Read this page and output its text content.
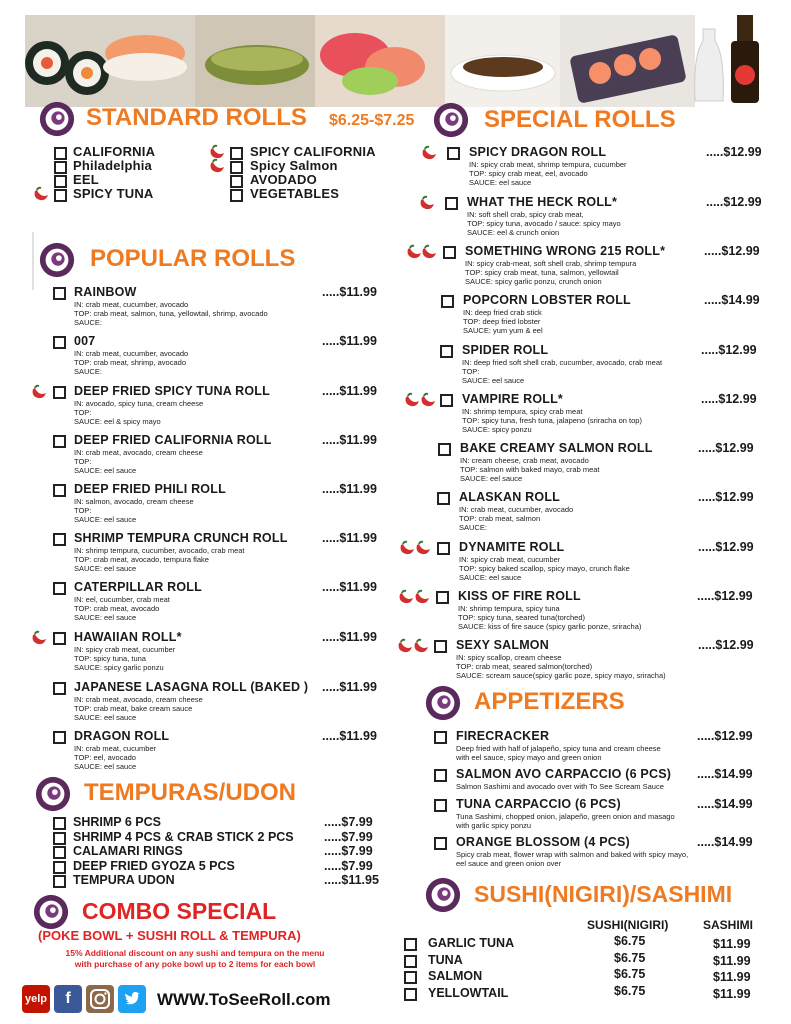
STANDARD ROLLS $6.25-$7.25
CALIFORNIA
Philadelphia
EEL
SPICY TUNA
SPICY CALIFORNIA
Spicy Salmon
AVODADO
VEGETABLES
POPULAR ROLLS
RAINBOW	.....$11.99
IN: crab meat, cucumber, avocado
TOP: crab meat, salmon, tuna, yellowtail, shrimp, avocado
SAUCE:
007	.....$11.99
IN: crab meat, cucumber, avocado
TOP: crab meat, shrimp, avocado
SAUCE:
DEEP FRIED SPICY TUNA ROLL	.....$11.99
IN: avocado, spicy tuna, cream cheese
TOP:
SAUCE: eel & spicy mayo
DEEP FRIED CALIFORNIA ROLL	.....$11.99
IN: crab meat, avocado, cream cheese
TOP:
SAUCE: eel sauce
DEEP FRIED PHILI ROLL	.....$11.99
IN: salmon, avocado, cream cheese
TOP:
SAUCE: eel sauce
SHRIMP TEMPURA CRUNCH ROLL	.....$11.99
IN: shrimp tempura, cucumber, avocado, crab meat
TOP: crab meat, avocado, tempura flake
SAUCE: eel sauce
CATERPILLAR ROLL	.....$11.99
IN: eel, cucumber, crab meat
TOP: crab meat, avocado
SAUCE: eel sauce
HAWAIIAN ROLL*	.....$11.99
IN: spicy crab meat, cucumber
TOP: spicy tuna, tuna
SAUCE: spicy garlic ponzu
JAPANESE LASAGNA ROLL (BAKED ) .....$11.99
IN: crab meat, avocado, cream cheese
TOP: crab meat, bake cream sauce
SAUCE: eel sauce
DRAGON ROLL	.....$11.99
IN: crab meat, cucumber
TOP: eel, avocado
SAUCE: eel sauce
TEMPURAS/UDON
SHRIMP 6 PCS	.....$7.99
SHRIMP 4 PCS & CRAB STICK 2 PCS .....$7.99
CALAMARI RINGS	.....$7.99
DEEP FRIED GYOZA 5 PCS	.....$7.99
TEMPURA UDON	.....$11.95
COMBO SPECIAL
(POKE BOWL + SUSHI ROLL & TEMPURA)
15% Additional discount on any sushi and tempura on the menu
with purchase of any poke bowl up to 2 items for each bowl
yelp	f	WWW.ToSeeRoll.com
SPECIAL ROLLS
SPICY DRAGON ROLL	.....$12.99
IN: spicy crab meat, shrimp tempura, cucumber
TOP: spicy crab meat, eel, avocado
SAUCE: eel sauce
WHAT THE HECK ROLL*	.....$12.99
IN: soft shell crab, spicy crab meat,
TOP: spicy tuna, avocado / sauce: spicy mayo
SAUCE: eel & crunch onion
SOMETHING WRONG 215 ROLL*	.....$12.99
IN: spicy crab-meat, soft shell crab, shrimp tempura
TOP: spicy crab meat, tuna, salmon, yellowtail
SAUCE: spicy garlic ponzu, crunch onion
POPCORN LOBSTER ROLL	.....$14.99
IN: deep fried crab stick
TOP: deep fried lobster
SAUCE: yum yum & eel
SPIDER ROLL	.....$12.99
IN: deep fried soft shell crab, cucumber, avocado, crab meat
TOP:
SAUCE: eel sauce
VAMPIRE ROLL*	.....$12.99
IN: shrimp tempura, spicy crab meat
TOP: spicy tuna, fresh tuna, jalapeno (sriracha on top)
SAUCE: spicy ponzu
BAKE CREAMY SALMON ROLL	.....$12.99
IN: cream cheese, crab meat, avocado
TOP: salmon with baked mayo, crab meat
SAUCE: eel sauce
ALASKAN ROLL	.....$12.99
IN: crab meat, cucumber, avocado
TOP: crab meat, salmon
SAUCE:
DYNAMITE ROLL	.....$12.99
IN: spicy crab meat, cucumber
TOP: spicy baked scallop, spicy mayo, crunch flake
SAUCE: eel sauce
KISS OF FIRE ROLL	.....$12.99
IN: shrimp tempura, spicy tuna
TOP: spicy tuna, seared tuna(torched)
SAUCE: kiss of fire sauce (spicy garlic ponze, sriracha)
SEXY SALMON	.....$12.99
IN: spicy scallop, cream cheese
TOP: crab meat, seared salmon(torched)
SAUCE: scream sauce(spicy garlic poze, spicy mayo, sriracha)
APPETIZERS
FIRECRACKER	.....$12.99
Deep fried with half of jalapeño, spicy tuna and cream cheese
with eel sauce, spicy mayo and green onion
SALMON AVO CARPACCIO (6 PCS) .....$14.99
Salmon Sashimi and avocado over with To See Scream Sauce
TUNA CARPACCIO (6 PCS)	.....$14.99
Tuna Sashimi, chopped onion, jalapeño, green onion and masago
with garlic spicy ponzu
ORANGE BLOSSOM (4 PCS)	.....$14.99
Spicy crab meat, flower wrap with salmon and baked with spicy mayo,
eel sauce and green onion over
SUSHI(NIGIRI)/SASHIMI
SUSHI(NIGIRI)	SASHIMI
GARLIC TUNA	$6.75	$11.99
TUNA	$6.75	$11.99
SALMON	$6.75	$11.99
YELLOWTAIL	$6.75	$11.99
